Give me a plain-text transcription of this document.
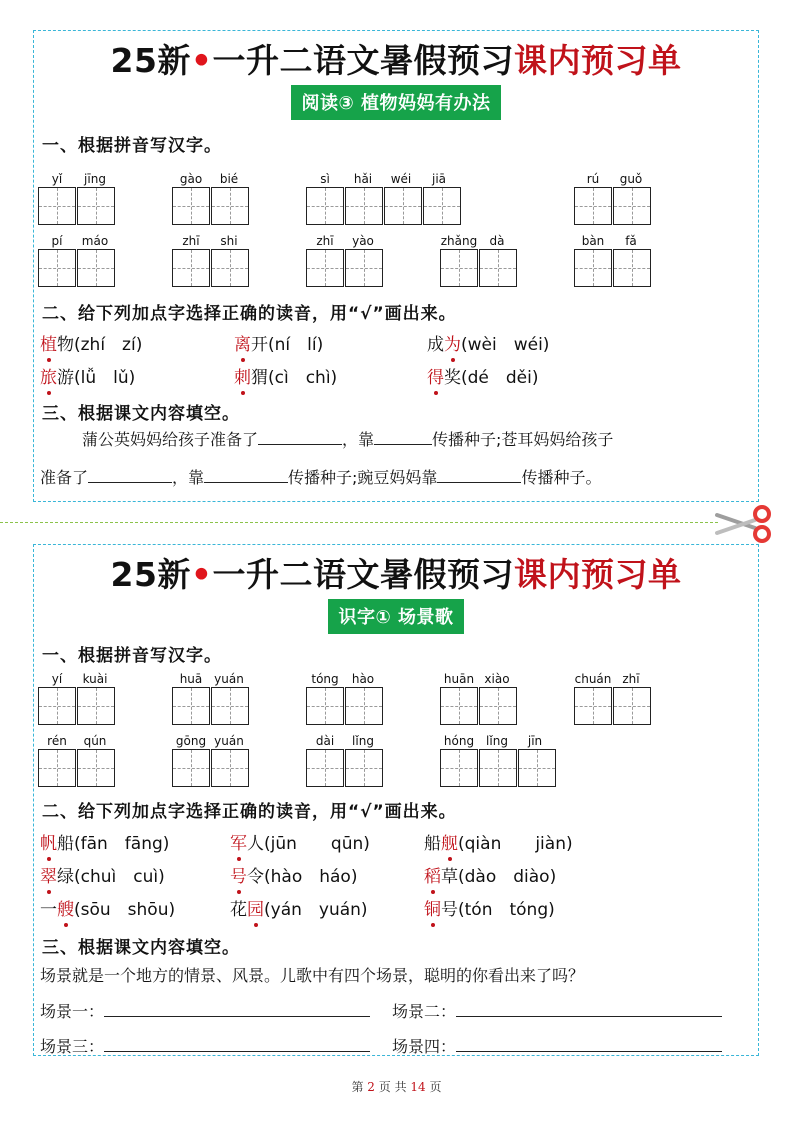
25新•一升二语文暑假预习课内预习单
阅读③ 植物妈妈有办法
一、根据拼音写汉字。
yǐ	jīng	gào	bié	sì	hǎi	wéi	jiā	rú	guǒ
pí	máo	zhī	shi	zhī	yào	zhǎng	dà	bàn	fǎ
二、给下列加点字选择正确的读音，用“√”画出来。
植物(zhí　zí)	离开(ní　lí)	成为(wèi　wéi)
旅游(lǚ　lǔ)	刺猬(cì　chì)	得奖(dé　děi)
三、根据课文内容填空。
蒲公英妈妈给孩子准备了	，靠	传播种子;苍耳妈妈给孩子
准备了	，靠	传播种子;豌豆妈妈靠	传播种子。
25新•一升二语文暑假预习课内预习单
识字① 场景歌
一、根据拼音写汉字。
yí	kuài	huā yuán	tóng	hào	huān xiào	chuán zhī
rén	qún	gōng yuán	dài	lǐng	hóng lǐng	jīn
二、给下列加点字选择正确的读音，用“√”画出来。
帆船(fān　fāng)	军人(jūn　　qūn)	船舰(qiàn　　jiàn)
翠绿(chuì　cuì)	号令(hào　háo)	稻草(dào　diào)
一艘(sōu　shōu)	花园(yán　yuán)	铜号(tón　tóng)
三、根据课文内容填空。
场景就是一个地方的情景、风景。儿歌中有四个场景，聪明的你看出来了吗？
场景一：	场景二：
场景三：	场景四：
第 2 页 共 14 页
